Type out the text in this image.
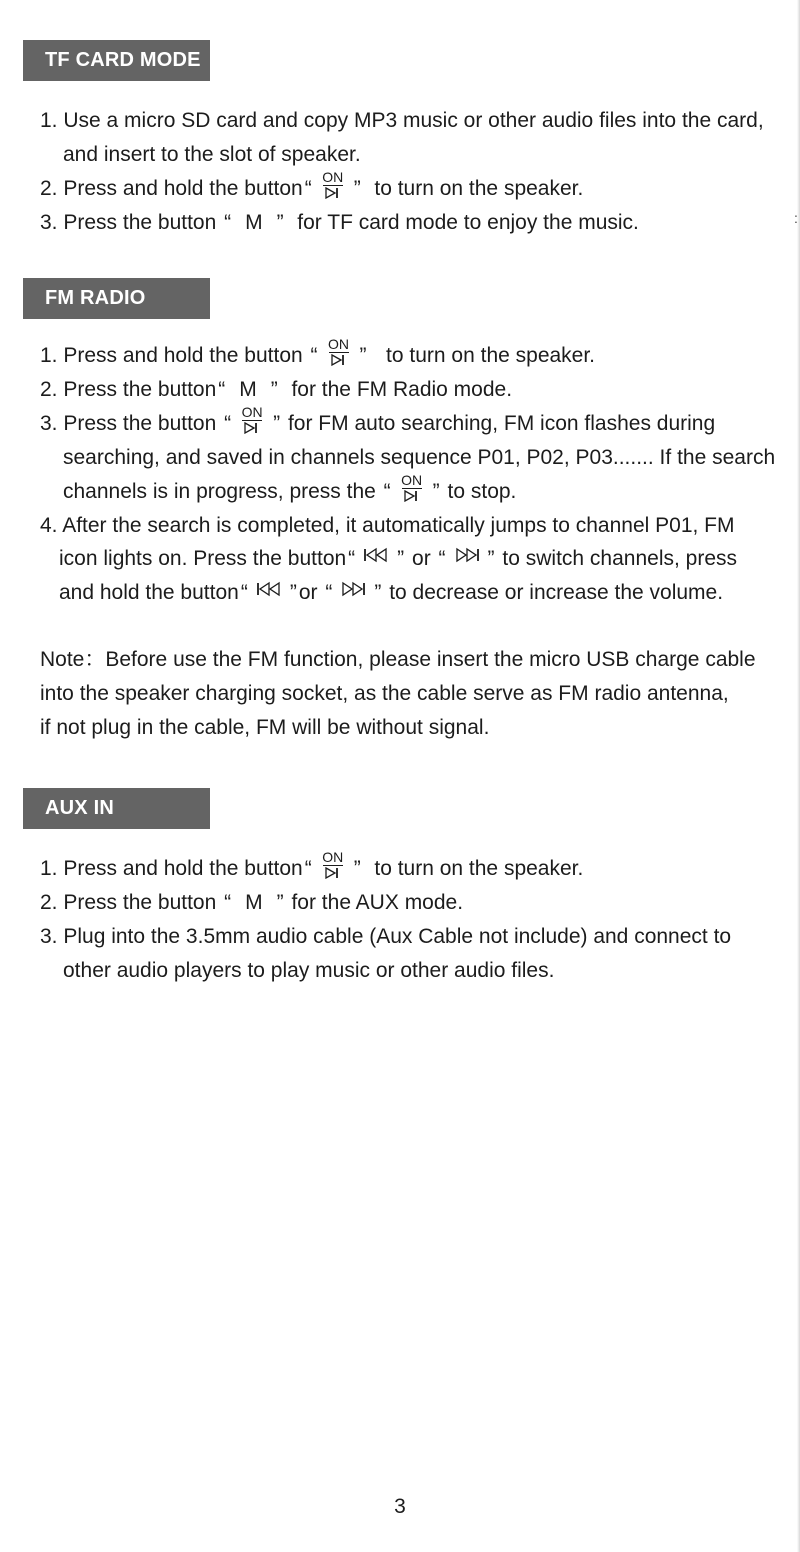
:
TF CARD MODE
1. Use a micro SD card and copy MP3 music or other audio files into the card,
and insert to the slot of speaker.
2. Press and hold the button“ ON ” to turn on the speaker.
3. Press the button “ M ” for TF card mode to enjoy the music.
FM RADIO
1. Press and hold the button “ ON ” to turn on the speaker.
2. Press the button“ M ” for the FM Radio mode.
3. Press the button “ ON ” for FM auto searching, FM icon flashes during
searching, and saved in channels sequence P01, P02, P03....... If the search
channels is in progress, press the “ ON ” to stop.
4. After the search is completed, it automatically jumps to channel P01, FM
icon lights on. Press the button“ ” or “ ” to switch channels, press
and hold the button“ ”or “ ” to decrease or increase the volume.
Note：Before use the FM function, please insert the micro USB charge cable
into the speaker charging socket, as the cable serve as FM radio antenna,
if not plug in the cable, FM will be without signal.
AUX IN
1. Press and hold the button“ ON ” to turn on the speaker.
2. Press the button “ M ” for the AUX mode.
3. Plug into the 3.5mm audio cable (Aux Cable not include) and connect to
other audio players to play music or other audio files.
3
